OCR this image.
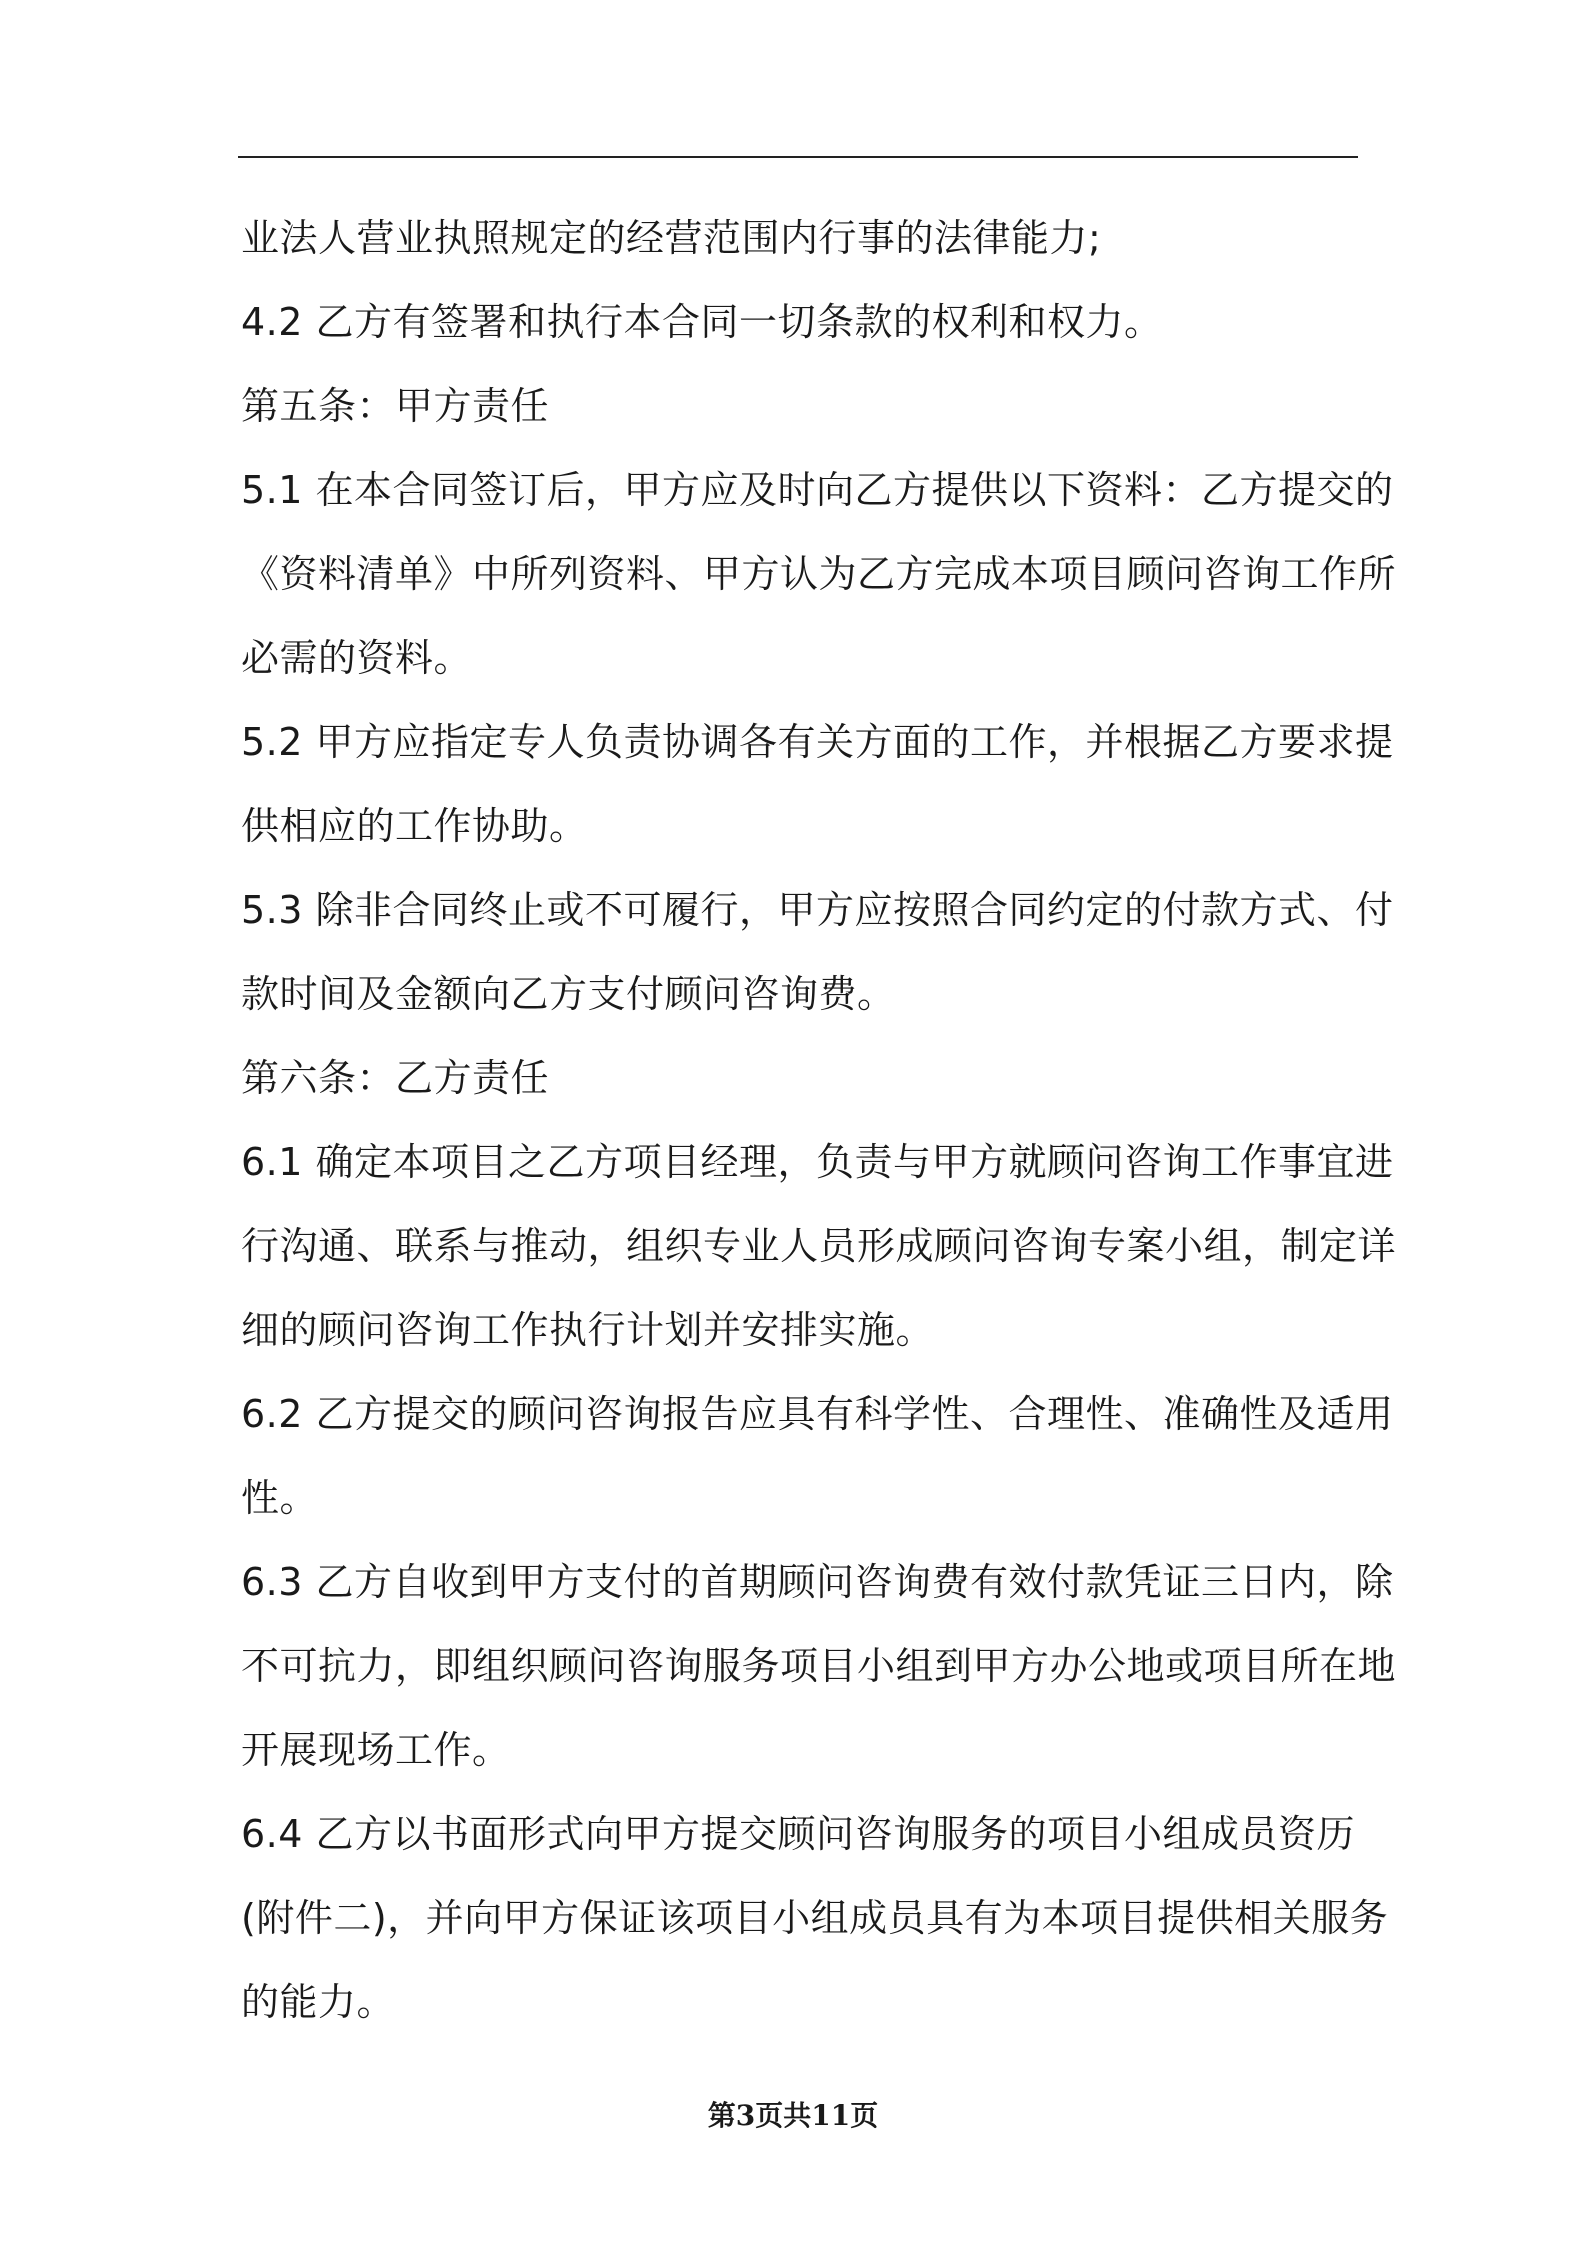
业法人营业执照规定的经营范围内行事的法律能力;
4.2 乙方有签署和执行本合同一切条款的权利和权力。
第五条：甲方责任
5.1 在本合同签订后，甲方应及时向乙方提供以下资料：乙方提交的
《资料清单》中所列资料、甲方认为乙方完成本项目顾问咨询工作所
必需的资料。
5.2 甲方应指定专人负责协调各有关方面的工作，并根据乙方要求提
供相应的工作协助。
5.3 除非合同终止或不可履行，甲方应按照合同约定的付款方式、付
款时间及金额向乙方支付顾问咨询费。
第六条：乙方责任
6.1 确定本项目之乙方项目经理，负责与甲方就顾问咨询工作事宜进
行沟通、联系与推动，组织专业人员形成顾问咨询专案小组，制定详
细的顾问咨询工作执行计划并安排实施。
6.2 乙方提交的顾问咨询报告应具有科学性、合理性、准确性及适用
性。
6.3 乙方自收到甲方支付的首期顾问咨询费有效付款凭证三日内，除
不可抗力，即组织顾问咨询服务项目小组到甲方办公地或项目所在地
开展现场工作。
6.4 乙方以书面形式向甲方提交顾问咨询服务的项目小组成员资历
(附件二)，并向甲方保证该项目小组成员具有为本项目提供相关服务
的能力。
第3页共11页
